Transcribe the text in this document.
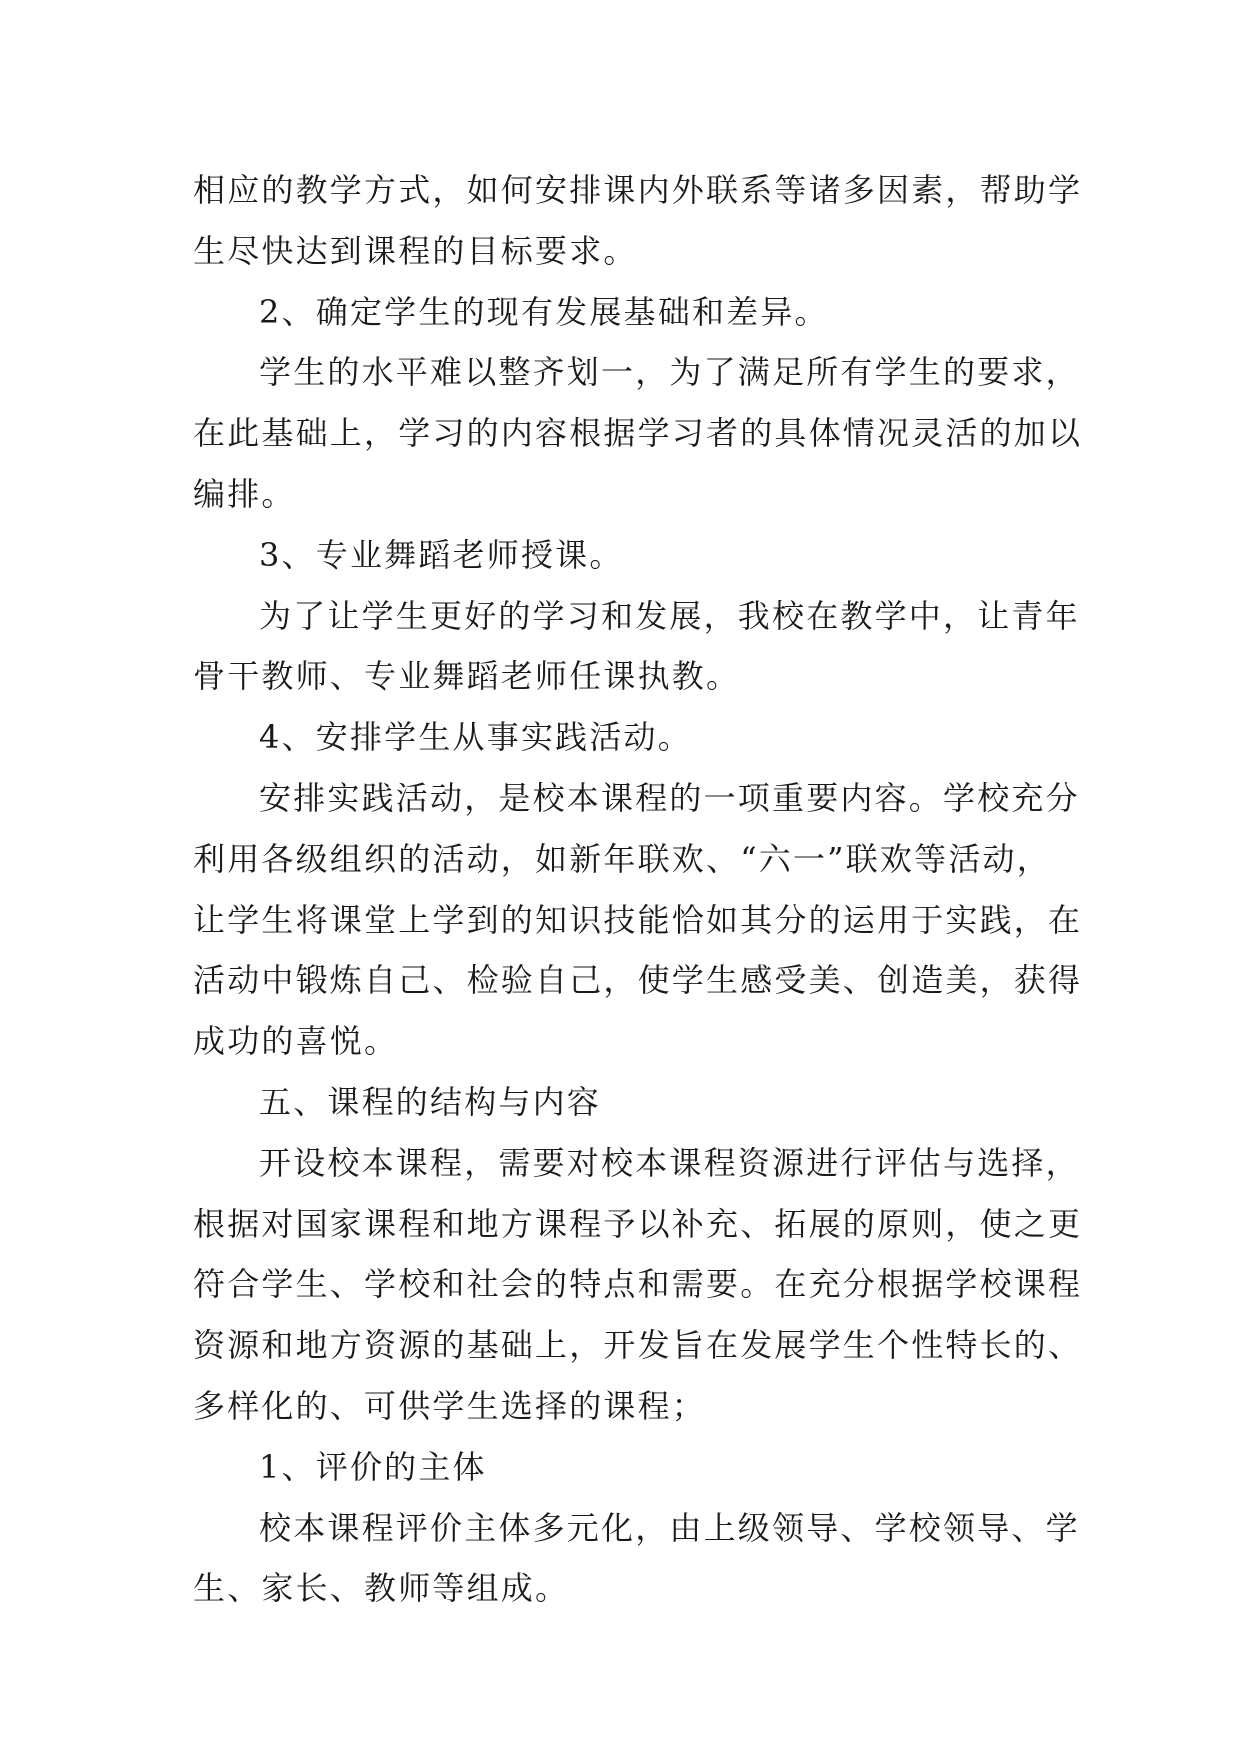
相应的教学方式，如何安排课内外联系等诸多因素，帮助学

生尽快达到课程的目标要求。

2、确定学生的现有发展基础和差异。

学生的水平难以整齐划一，为了满足所有学生的要求，

在此基础上，学习的内容根据学习者的具体情况灵活的加以

编排。

3、专业舞蹈老师授课。

为了让学生更好的学习和发展，我校在教学中，让青年

骨干教师、专业舞蹈老师任课执教。

4、安排学生从事实践活动。

安排实践活动，是校本课程的一项重要内容。学校充分

利用各级组织的活动，如新年联欢、“六一”联欢等活动，

让学生将课堂上学到的知识技能恰如其分的运用于实践，在

活动中锻炼自己、检验自己，使学生感受美、创造美，获得

成功的喜悦。

五、课程的结构与内容

开设校本课程，需要对校本课程资源进行评估与选择，

根据对国家课程和地方课程予以补充、拓展的原则，使之更

符合学生、学校和社会的特点和需要。在充分根据学校课程

资源和地方资源的基础上，开发旨在发展学生个性特长的、

多样化的、可供学生选择的课程；

1、评价的主体

校本课程评价主体多元化，由上级领导、学校领导、学

生、家长、教师等组成。
